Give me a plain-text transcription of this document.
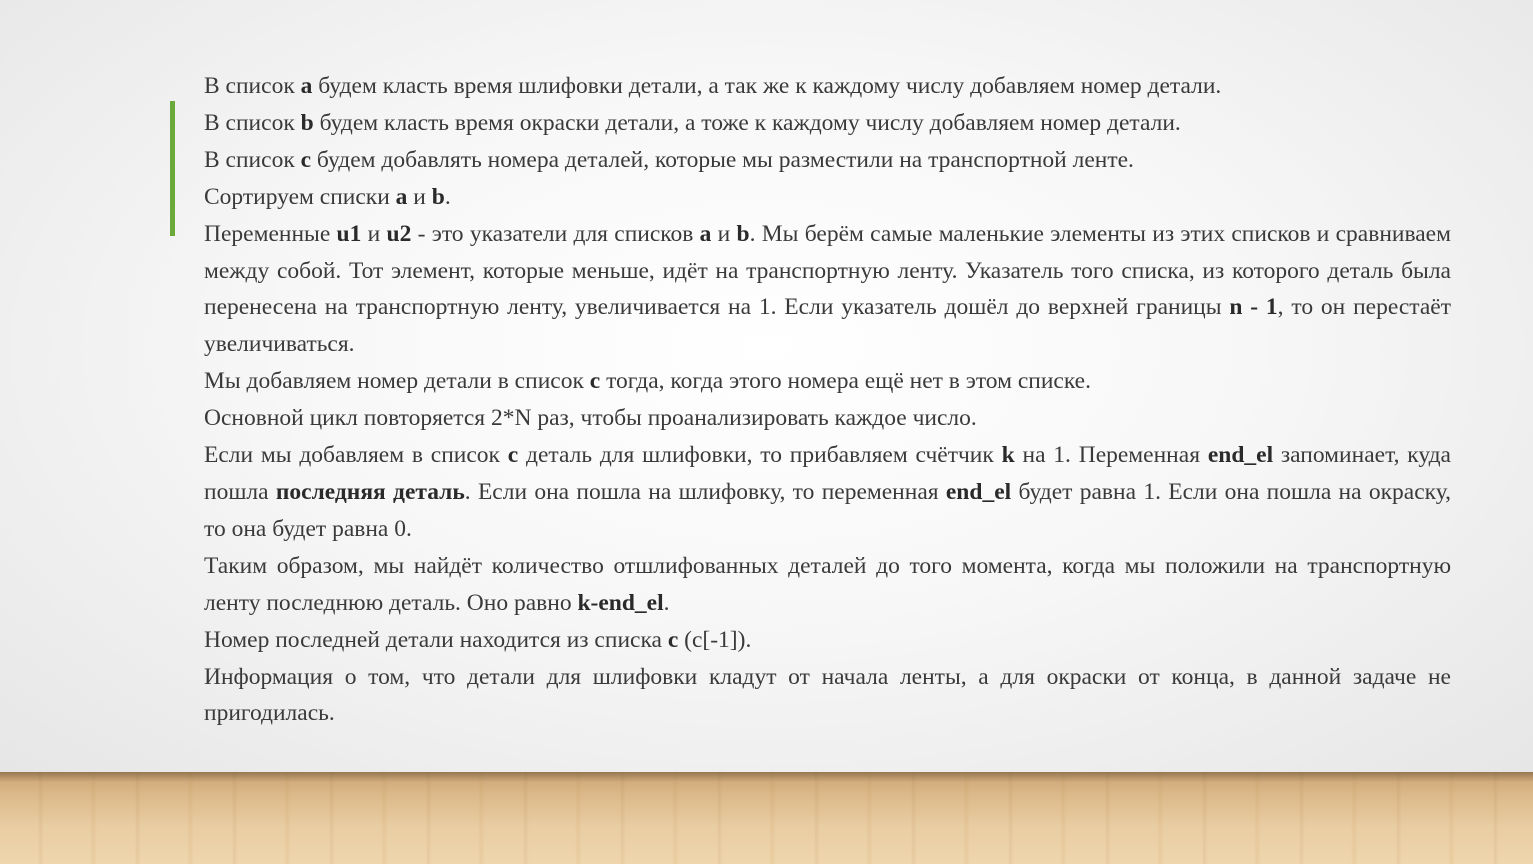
В список a будем класть время шлифовки детали, а так же к каждому числу добавляем номер детали.

В список b будем класть время окраски детали, а тоже к каждому числу добавляем номер детали.

В список c будем добавлять номера деталей, которые мы разместили на транспортной ленте.

Сортируем списки a и b.

Переменные u1 и u2 - это указатели для списков a и b. Мы берём самые маленькие элементы из этих списков и сравниваем между собой. Тот элемент, которые меньше, идёт на транспортную ленту. Указатель того списка, из которого деталь была перенесена на транспортную ленту, увеличивается на 1. Если указатель дошёл до верхней границы n - 1, то он перестаёт увеличиваться.

Мы добавляем номер детали в список c тогда, когда этого номера ещё нет в этом списке.

Основной цикл повторяется 2*N раз, чтобы проанализировать каждое число.

Если мы добавляем в список c деталь для шлифовки, то прибавляем счётчик k на 1. Переменная end_el запоминает, куда пошла последняя деталь. Если она пошла на шлифовку, то переменная end_el будет равна 1. Если она пошла на окраску, то она будет равна 0.

Таким образом, мы найдёт количество отшлифованных деталей до того момента, когда мы положили на транспортную ленту последнюю деталь. Оно равно k-end_el.

Номер последней детали находится из списка c (c[-1]).

Информация о том, что детали для шлифовки кладут от начала ленты, а для окраски от конца, в данной задаче не пригодилась.
